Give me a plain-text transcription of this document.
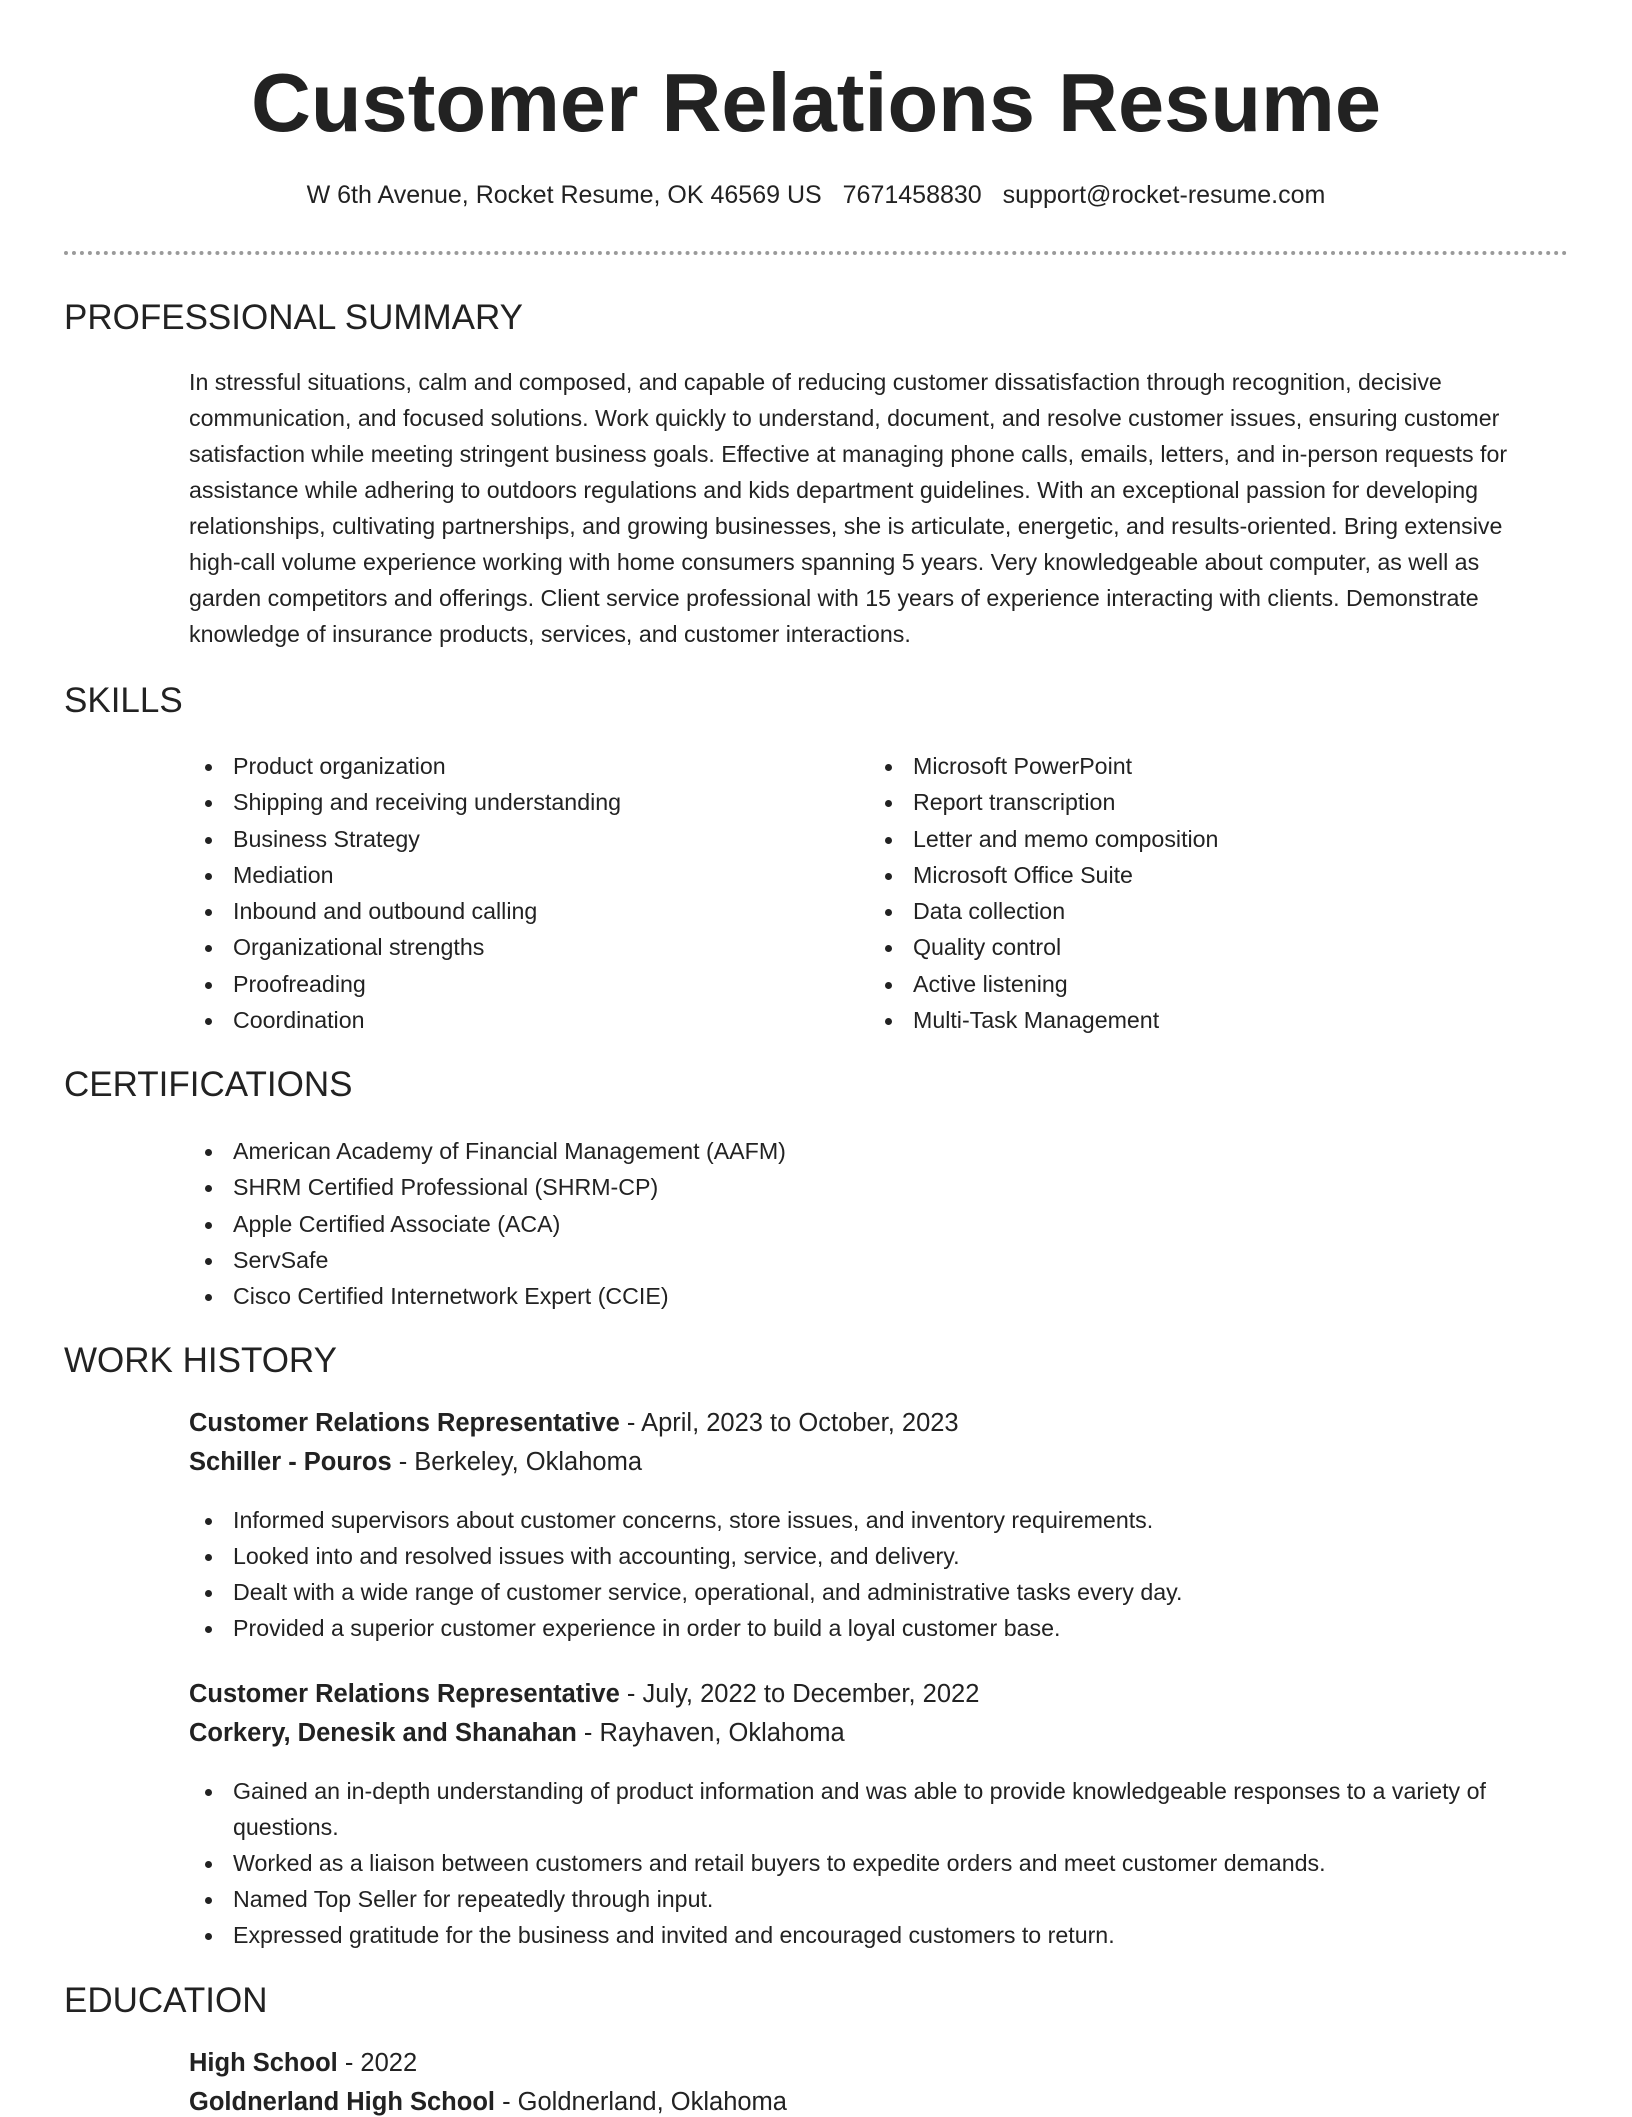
Customer Relations Resume
W 6th Avenue, Rocket Resume, OK 46569 US 7671458830 support@rocket-resume.com
PROFESSIONAL SUMMARY

In stressful situations, calm and composed, and capable of reducing customer dissatisfaction through recognition, decisive communication, and focused solutions. Work quickly to understand, document, and resolve customer issues, ensuring customer satisfaction while meeting stringent business goals. Effective at managing phone calls, emails, letters, and in-person requests for assistance while adhering to outdoors regulations and kids department guidelines. With an exceptional passion for developing relationships, cultivating partnerships, and growing businesses, she is articulate, energetic, and results-oriented. Bring extensive high-call volume experience working with home consumers spanning 5 years. Very knowledgeable about computer, as well as garden competitors and offerings. Client service professional with 15 years of experience interacting with clients. Demonstrate knowledge of insurance products, services, and customer interactions.

SKILLS
Product organization
Shipping and receiving understanding
Business Strategy
Mediation
Inbound and outbound calling
Organizational strengths
Proofreading
Coordination
Microsoft PowerPoint
Report transcription
Letter and memo composition
Microsoft Office Suite
Data collection
Quality control
Active listening
Multi-Task Management
CERTIFICATIONS
American Academy of Financial Management (AAFM)
SHRM Certified Professional (SHRM-CP)
Apple Certified Associate (ACA)
ServSafe
Cisco Certified Internetwork Expert (CCIE)
WORK HISTORY
Customer Relations Representative - April, 2023 to October, 2023
Schiller - Pouros - Berkeley, Oklahoma
Informed supervisors about customer concerns, store issues, and inventory requirements.
Looked into and resolved issues with accounting, service, and delivery.
Dealt with a wide range of customer service, operational, and administrative tasks every day.
Provided a superior customer experience in order to build a loyal customer base.
Customer Relations Representative - July, 2022 to December, 2022
Corkery, Denesik and Shanahan - Rayhaven, Oklahoma
Gained an in-depth understanding of product information and was able to provide knowledgeable responses to a variety of questions.
Worked as a liaison between customers and retail buyers to expedite orders and meet customer demands.
Named Top Seller for repeatedly through input.
Expressed gratitude for the business and invited and encouraged customers to return.
EDUCATION
High School - 2022
Goldnerland High School - Goldnerland, Oklahoma
